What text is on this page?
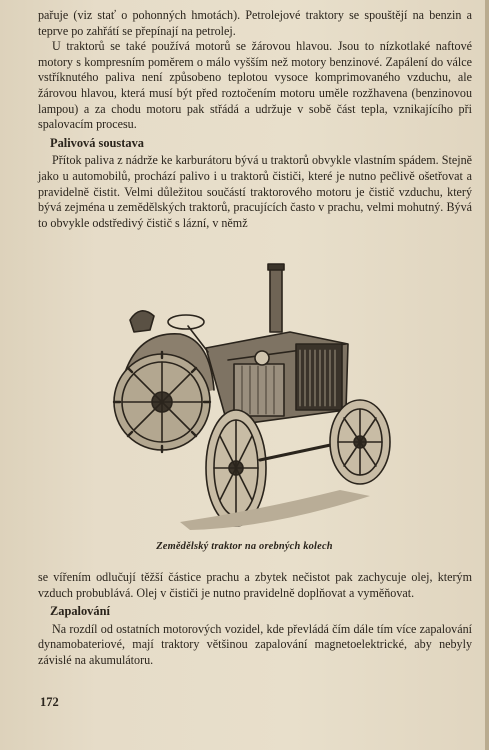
pařuje (viz stať o pohonných hmotách). Petrolejové traktory se spouštějí na benzin a teprve po zahřátí se přepínají na petrolej.

U traktorů se také používá motorů se žárovou hlavou. Jsou to nízkotlaké naftové motory s kompresním poměrem o málo vyšším než motory benzinové. Zapálení do válce vstříknutého paliva není způsobeno teplotou vysoce komprimovaného vzduchu, ale žárovou hlavou, která musí být před roztočením motoru uměle rozžhavena (benzinovou lampou) a za chodu motoru pak střádá a udržuje v sobě část tepla, vznikajícího při spalovacím procesu.

Palivová soustava

Přítok paliva z nádrže ke karburátoru bývá u traktorů obvykle vlastním spádem. Stejně jako u automobilů, prochází palivo i u traktorů čističi, které je nutno pečlivě ošetřovat a pravidelně čistit. Velmi důležitou součástí traktorového motoru je čistič vzduchu, který bývá zejména u zemědělských traktorů, pracujících často v prachu, velmi mohutný. Bývá to obvykle odstředivý čistič s lázní, v němž

Zemědělský traktor na orebných kolech

se vířením odlučují těžší částice prachu a zbytek nečistot pak zachycuje olej, kterým vzduch probublává. Olej v čističi je nutno pravidelně doplňovat a vyměňovat.

Zapalování

Na rozdíl od ostatních motorových vozidel, kde převládá čím dále tím více zapalování dynamobateriové, mají traktory většinou zapalování magnetoelektrické, aby nebyly závislé na akumulátoru.

172
